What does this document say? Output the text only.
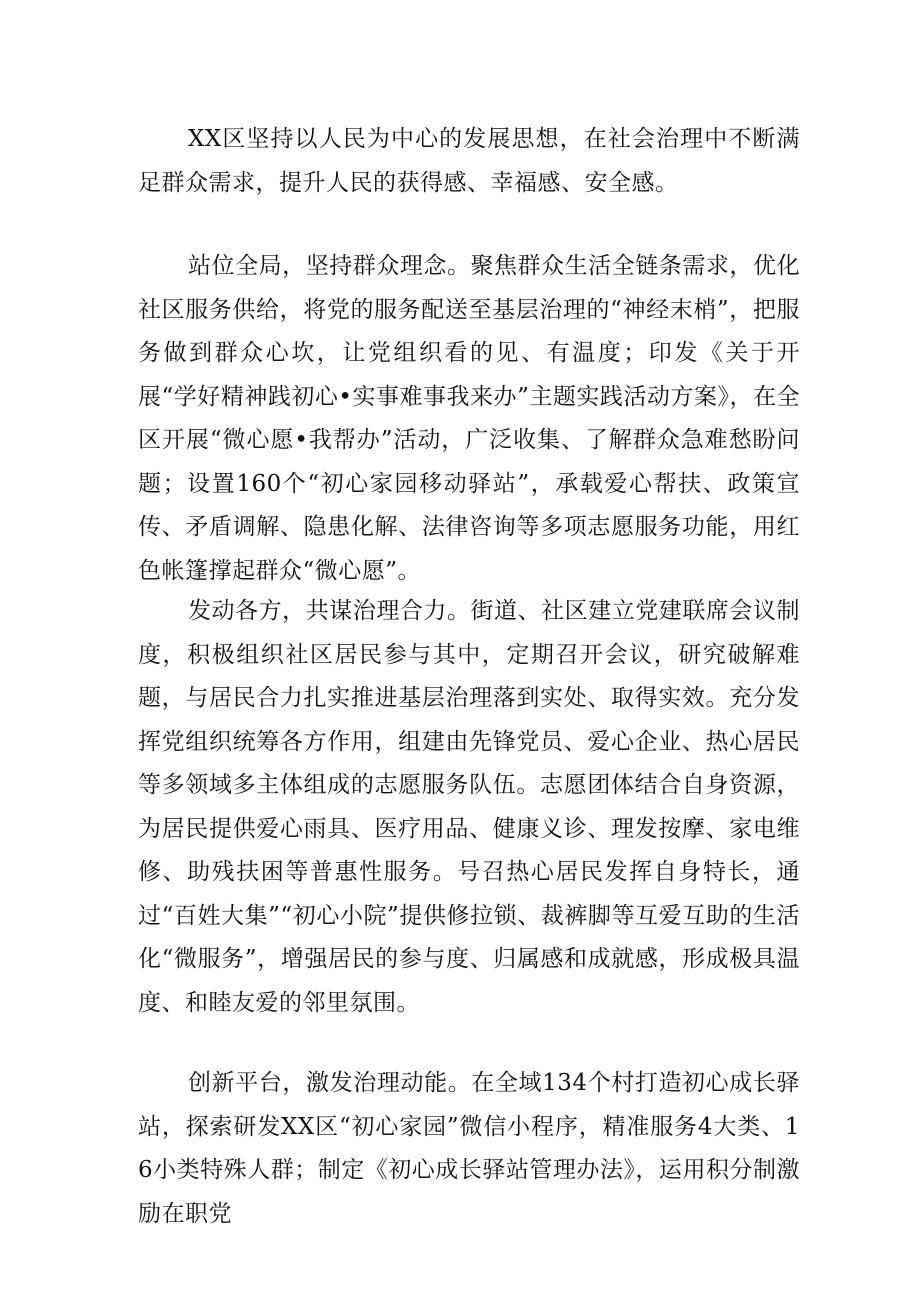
XX区坚持以人民为中心的发展思想，在社会治理中不断满足群众需求，提升人民的获得感、幸福感、安全感。

站位全局，坚持群众理念。聚焦群众生活全链条需求，优化社区服务供给，将党的服务配送至基层治理的“神经末梢”，把服务做到群众心坎，让党组织看的见、有温度；印发《关于开展“学好精神践初心•实事难事我来办”主题实践活动方案》，在全区开展“微心愿•我帮办”活动，广泛收集、了解群众急难愁盼问题；设置160个“初心家园移动驿站”，承载爱心帮扶、政策宣传、矛盾调解、隐患化解、法律咨询等多项志愿服务功能，用红色帐篷撑起群众“微心愿”。

发动各方，共谋治理合力。街道、社区建立党建联席会议制度，积极组织社区居民参与其中，定期召开会议，研究破解难题，与居民合力扎实推进基层治理落到实处、取得实效。充分发挥党组织统筹各方作用，组建由先锋党员、爱心企业、热心居民等多领域多主体组成的志愿服务队伍。志愿团体结合自身资源，为居民提供爱心雨具、医疗用品、健康义诊、理发按摩、家电维修、助残扶困等普惠性服务。号召热心居民发挥自身特长，通过“百姓大集”“初心小院”提供修拉锁、裁裤脚等互爱互助的生活化“微服务”，增强居民的参与度、归属感和成就感，形成极具温度、和睦友爱的邻里氛围。

创新平台，激发治理动能。在全域134个村打造初心成长驿站，探索研发XX区“初心家园”微信小程序，精准服务4大类、16小类特殊人群；制定《初心成长驿站管理办法》，运用积分制激励在职党
